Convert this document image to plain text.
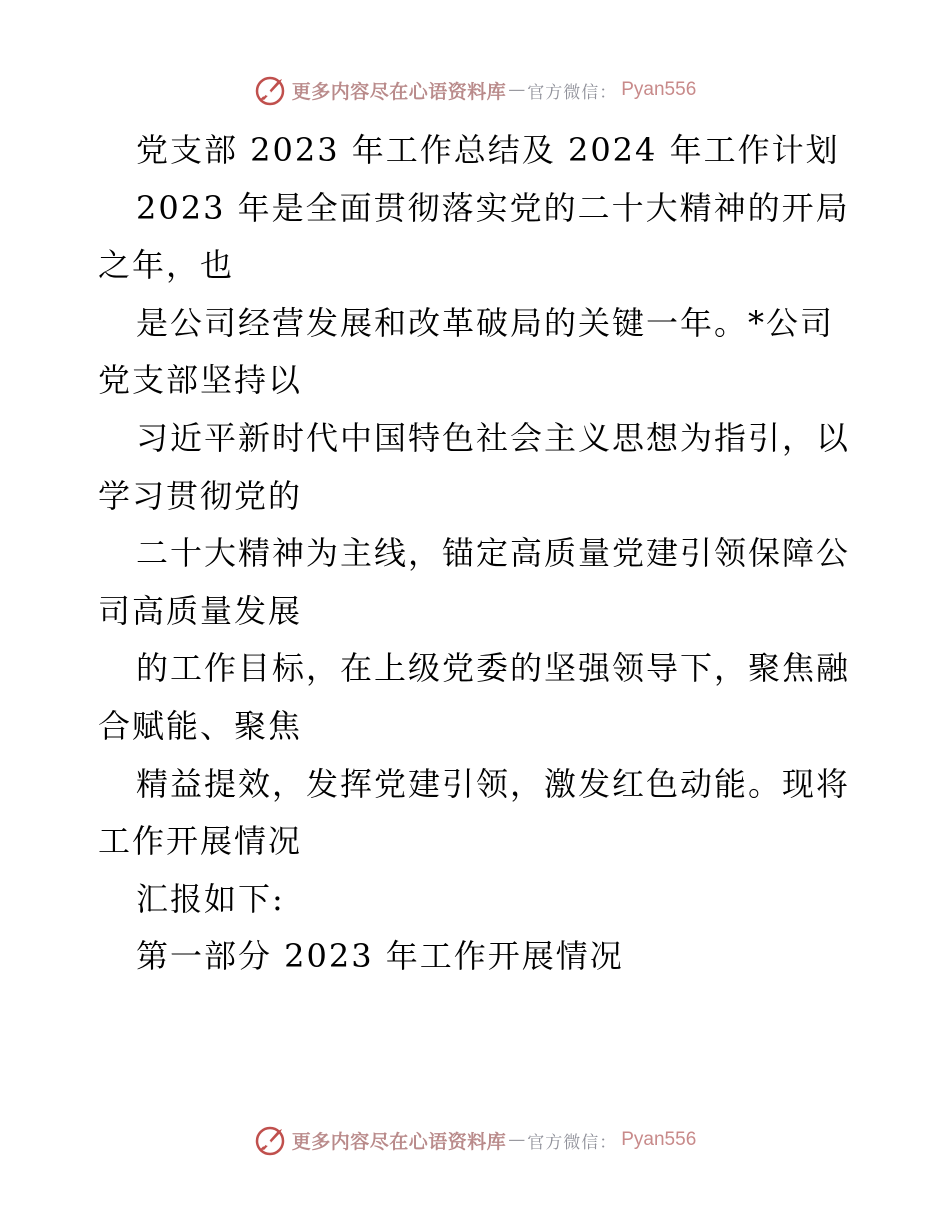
更多内容尽在心语资料库 — 官方微信： Pyan556
党支部 2023 年工作总结及 2024 年工作计划
2023 年是全面贯彻落实党的二十大精神的开局
之年，也
是公司经营发展和改革破局的关键一年。*公司
党支部坚持以
习近平新时代中国特色社会主义思想为指引，以
学习贯彻党的
二十大精神为主线，锚定高质量党建引领保障公
司高质量发展
的工作目标，在上级党委的坚强领导下，聚焦融
合赋能、聚焦
精益提效，发挥党建引领，激发红色动能。现将
工作开展情况
汇报如下:
第一部分 2023 年工作开展情况
更多内容尽在心语资料库 — 官方微信： Pyan556
